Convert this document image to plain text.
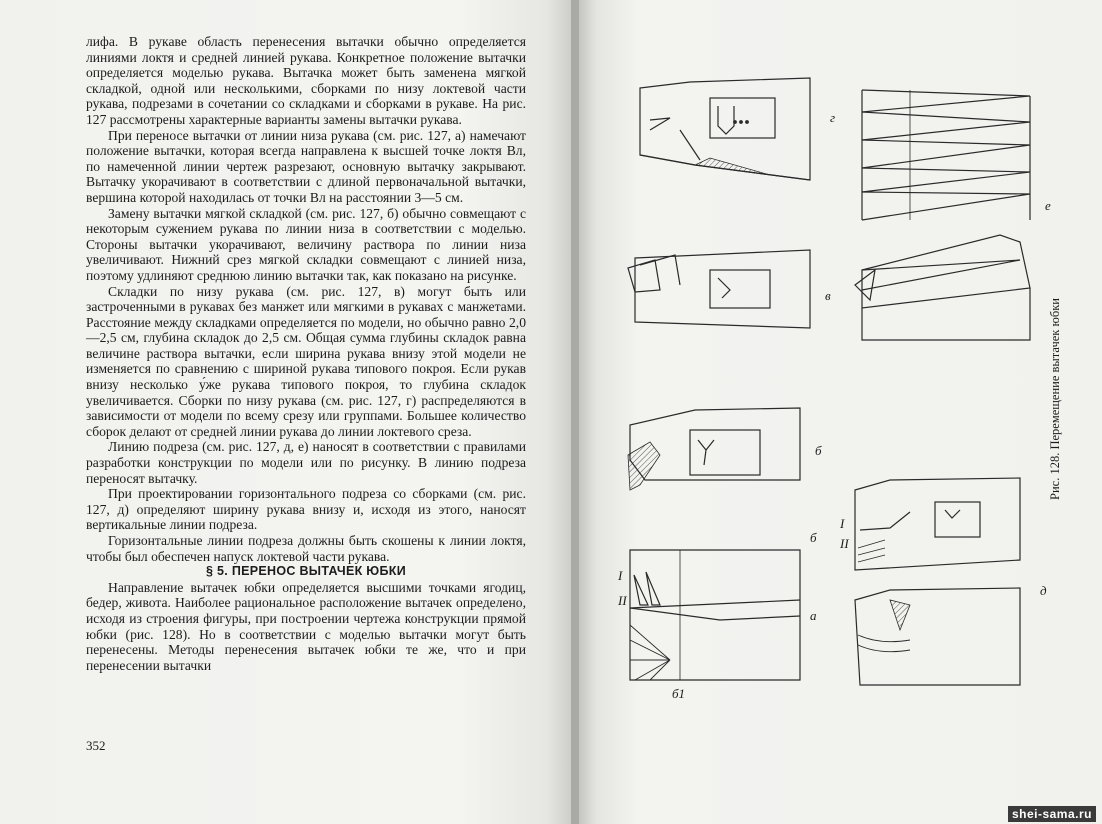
лифа. В рукаве область перенесения вытачки обычно определяется линиями локтя и средней линией рукава. Конкретное положение вытачки определяется моделью рукава. Вытачка может быть заменена мягкой складкой, одной или несколькими, сборками по низу локтевой части рукава, подрезами в сочетании со складками и сборками в рукаве. На рис. 127 рассмотрены характерные варианты замены вытачки рукава.

При переносе вытачки от линии низа рукава (см. рис. 127, а) намечают положение вытачки, которая всегда направлена к высшей точке локтя Вл, по намеченной линии чертеж разрезают, основную вытачку закрывают. Вытачку укорачивают в соответствии с длиной первоначальной вытачки, вершина которой находилась от точки Вл на расстоянии 3—5 см.

Замену вытачки мягкой складкой (см. рис. 127, б) обычно совмещают с некоторым сужением рукава по линии низа в соответствии с моделью. Стороны вытачки укорачивают, величину раствора по линии низа увеличивают. Нижний срез мягкой складки совмещают с линией низа, поэтому удлиняют среднюю линию вытачки так, как показано на рисунке.

Складки по низу рукава (см. рис. 127, в) могут быть или застроченными в рукавах без манжет или мягкими в рукавах с манжетами. Расстояние между складками определяется по модели, но обычно равно 2,0—2,5 см, глубина складок до 2,5 см. Общая сумма глубины складок равна величине раствора вытачки, если ширина рукава внизу этой модели не изменяется по сравнению с шириной рукава типового покроя. Если рукав внизу несколько у́же рукава типового покроя, то глубина складок увеличивается. Сборки по низу рукава (см. рис. 127, г) распределяются в зависимости от модели по всему срезу или группами. Большее количество сборок делают от средней линии рукава до линии локтевого среза.

Линию подреза (см. рис. 127, д, е) наносят в соответствии с правилами разработки конструкции по модели или по рисунку. В линию подреза переносят вытачку.

При проектировании горизонтального подреза со сборками (см. рис. 127, д) определяют ширину рукава внизу и, исходя из этого, наносят вертикальные линии подреза.

Горизонтальные линии подреза должны быть скошены к линии локтя, чтобы был обеспечен напуск локтевой части рукава.

§ 5. ПЕРЕНОС ВЫТАЧЕК ЮБКИ

Направление вытачек юбки определяется высшими точками ягодиц, бедер, живота. Наиболее рациональное расположение вытачек определено, исходя из строения фигуры, при построении чертежа конструкции прямой юбки (рис. 128). Но в соответствии с моделью вытачки могут быть перенесены. Методы перенесения вытачек юбки те же, что и при перенесении вытачки

352
г
е
в
б
б
а
д
б1
I
II
I
II
Рис. 128. Перемещение вытачек юбки
shei-sama.ru
